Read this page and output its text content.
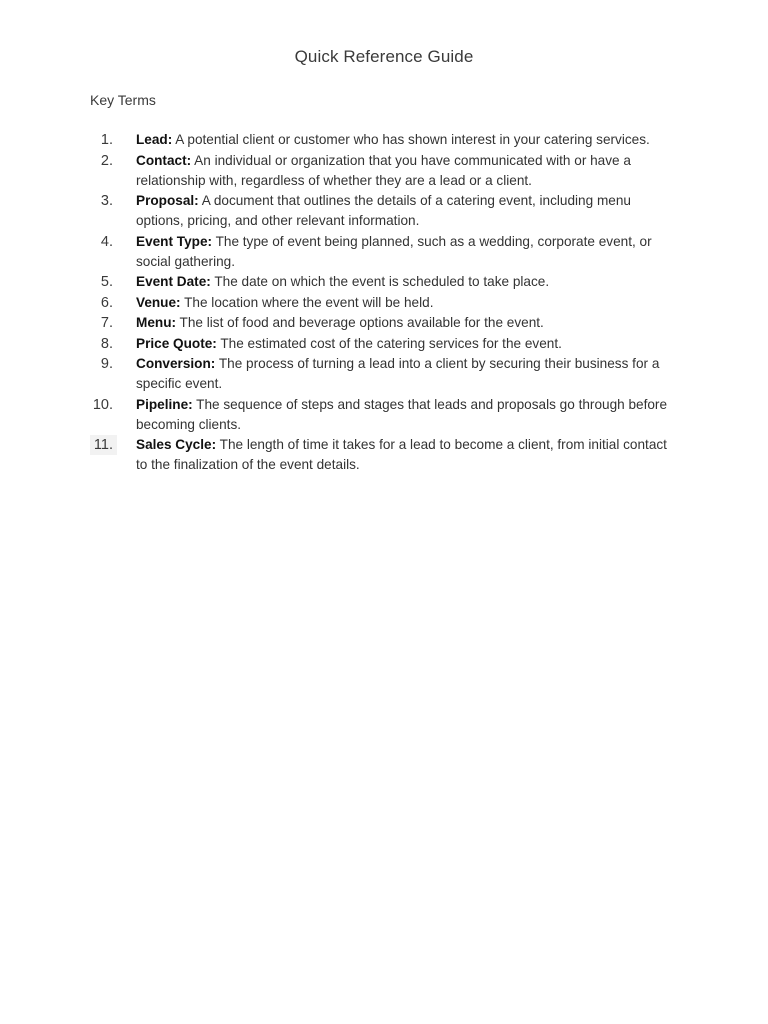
Quick Reference Guide
Key Terms
1. Lead: A potential client or customer who has shown interest in your catering services.
2. Contact: An individual or organization that you have communicated with or have a relationship with, regardless of whether they are a lead or a client.
3. Proposal: A document that outlines the details of a catering event, including menu options, pricing, and other relevant information.
4. Event Type: The type of event being planned, such as a wedding, corporate event, or social gathering.
5. Event Date: The date on which the event is scheduled to take place.
6. Venue: The location where the event will be held.
7. Menu: The list of food and beverage options available for the event.
8. Price Quote: The estimated cost of the catering services for the event.
9. Conversion: The process of turning a lead into a client by securing their business for a specific event.
10. Pipeline: The sequence of steps and stages that leads and proposals go through before becoming clients.
11. Sales Cycle: The length of time it takes for a lead to become a client, from initial contact to the finalization of the event details.
